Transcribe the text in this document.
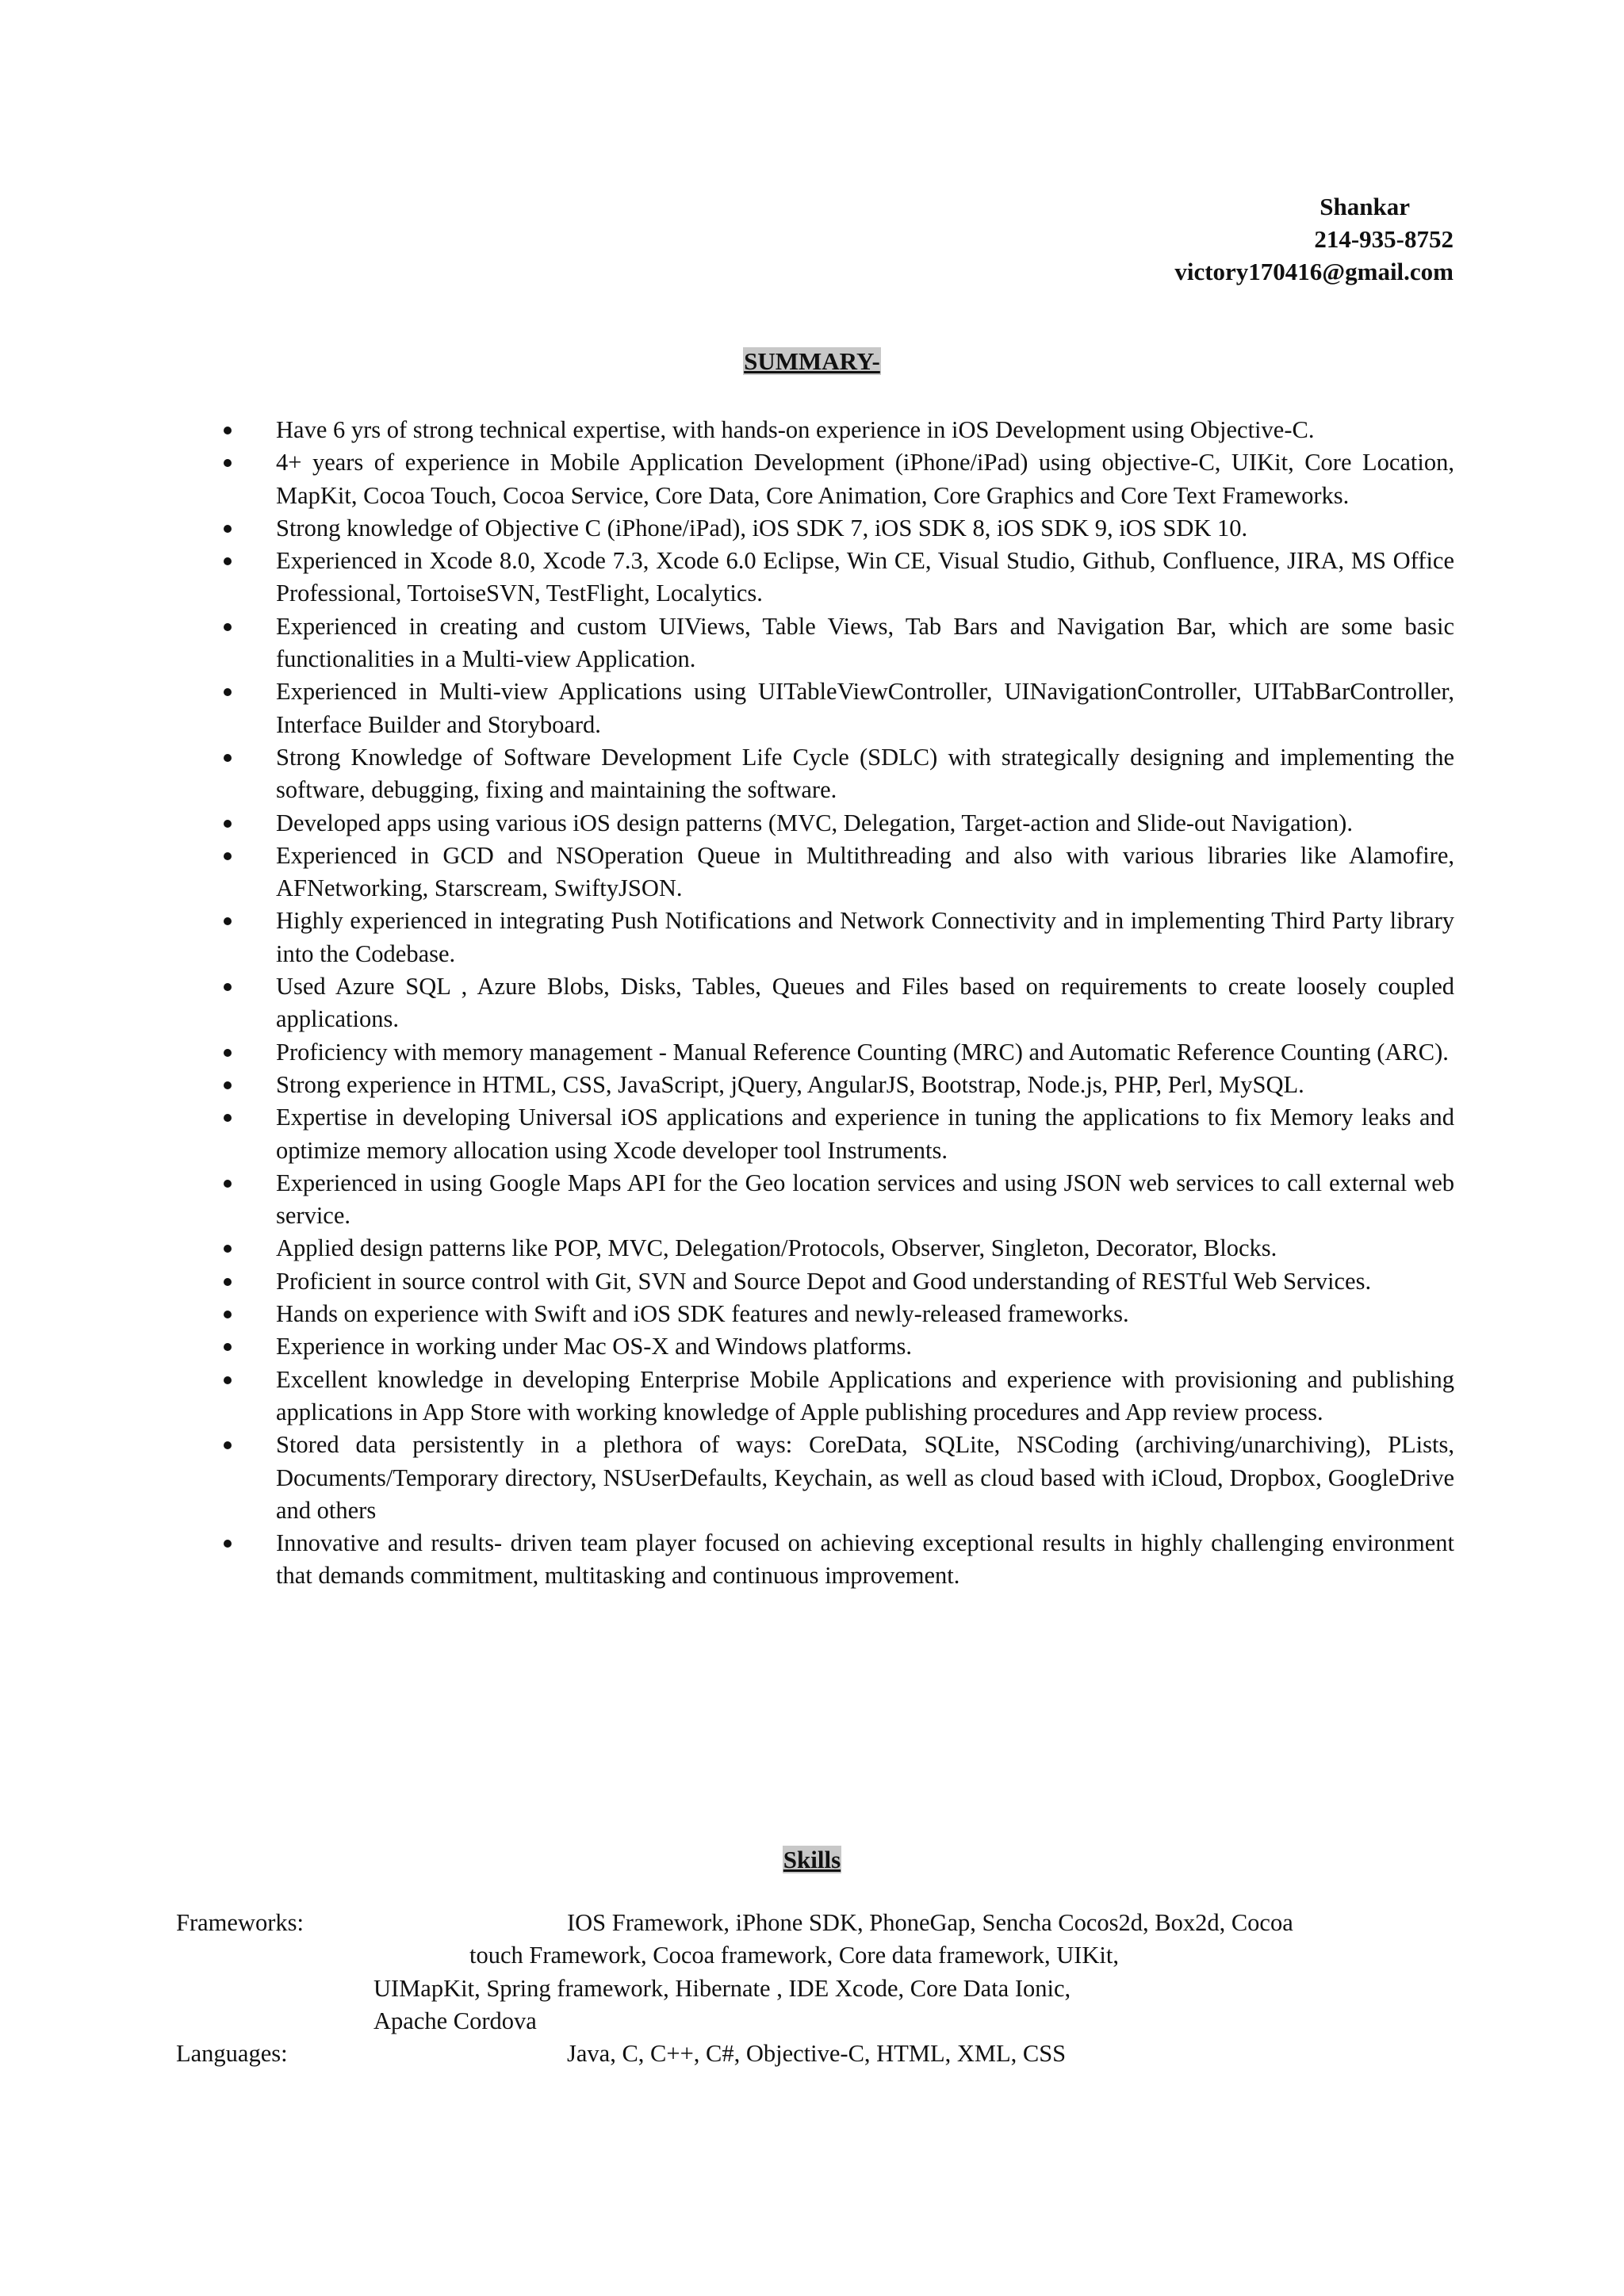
Shankar
214-935-8752
victory170416@gmail.com
SUMMARY-
Have 6 yrs of strong technical expertise, with hands-on experience in iOS Development using Objective-C.
4+ years of experience in Mobile Application Development (iPhone/iPad) using objective-C, UIKit, Core Location, MapKit, Cocoa Touch, Cocoa Service, Core Data, Core Animation, Core Graphics and Core Text Frameworks.
Strong knowledge of Objective C (iPhone/iPad), iOS SDK 7, iOS SDK 8, iOS SDK 9, iOS SDK 10.
Experienced in Xcode 8.0, Xcode 7.3, Xcode 6.0 Eclipse, Win CE, Visual Studio, Github, Confluence, JIRA, MS Office Professional, TortoiseSVN, TestFlight, Localytics.
Experienced in creating and custom UIViews, Table Views, Tab Bars and Navigation Bar, which are some basic functionalities in a Multi-view Application.
Experienced in Multi-view Applications using UITableViewController, UINavigationController, UITabBarController, Interface Builder and Storyboard.
Strong Knowledge of Software Development Life Cycle (SDLC) with strategically designing and implementing the software, debugging, fixing and maintaining the software.
Developed apps using various iOS design patterns (MVC, Delegation, Target-action and Slide-out Navigation).
Experienced in GCD and NSOperation Queue in Multithreading and also with various libraries like Alamofire, AFNetworking, Starscream, SwiftyJSON.
Highly experienced in integrating Push Notifications and Network Connectivity and in implementing Third Party library into the Codebase.
Used Azure SQL , Azure Blobs, Disks, Tables, Queues and Files based on requirements to create loosely coupled applications.
Proficiency with memory management - Manual Reference Counting (MRC) and Automatic Reference Counting (ARC).
Strong experience in HTML, CSS, JavaScript, jQuery, AngularJS, Bootstrap, Node.js, PHP, Perl, MySQL.
Expertise in developing Universal iOS applications and experience in tuning the applications to fix Memory leaks and optimize memory allocation using Xcode developer tool Instruments.
Experienced in using Google Maps API for the Geo location services and using JSON web services to call external web service.
Applied design patterns like POP, MVC, Delegation/Protocols, Observer, Singleton, Decorator, Blocks.
Proficient in source control with Git, SVN and Source Depot and Good understanding of RESTful Web Services.
Hands on experience with Swift and iOS SDK features and newly-released frameworks.
Experience in working under Mac OS-X and Windows platforms.
Excellent knowledge in developing Enterprise Mobile Applications and experience with provisioning and publishing applications in App Store with working knowledge of Apple publishing procedures and App review process.
Stored data persistently in a plethora of ways: CoreData, SQLite, NSCoding (archiving/unarchiving), PLists, Documents/Temporary directory, NSUserDefaults, Keychain, as well as cloud based with iCloud, Dropbox, GoogleDrive and others
Innovative and results- driven team player focused on achieving exceptional results in highly challenging environment that demands commitment, multitasking and continuous improvement.
Skills
Frameworks:	IOS Framework, iPhone SDK, PhoneGap, Sencha Cocos2d, Box2d, Cocoa
touch Framework, Cocoa framework, Core data framework, UIKit,
UIMapKit, Spring framework, Hibernate , IDE Xcode, Core Data Ionic,
Apache Cordova
Languages:	Java, C, C++, C#, Objective-C, HTML, XML, CSS
